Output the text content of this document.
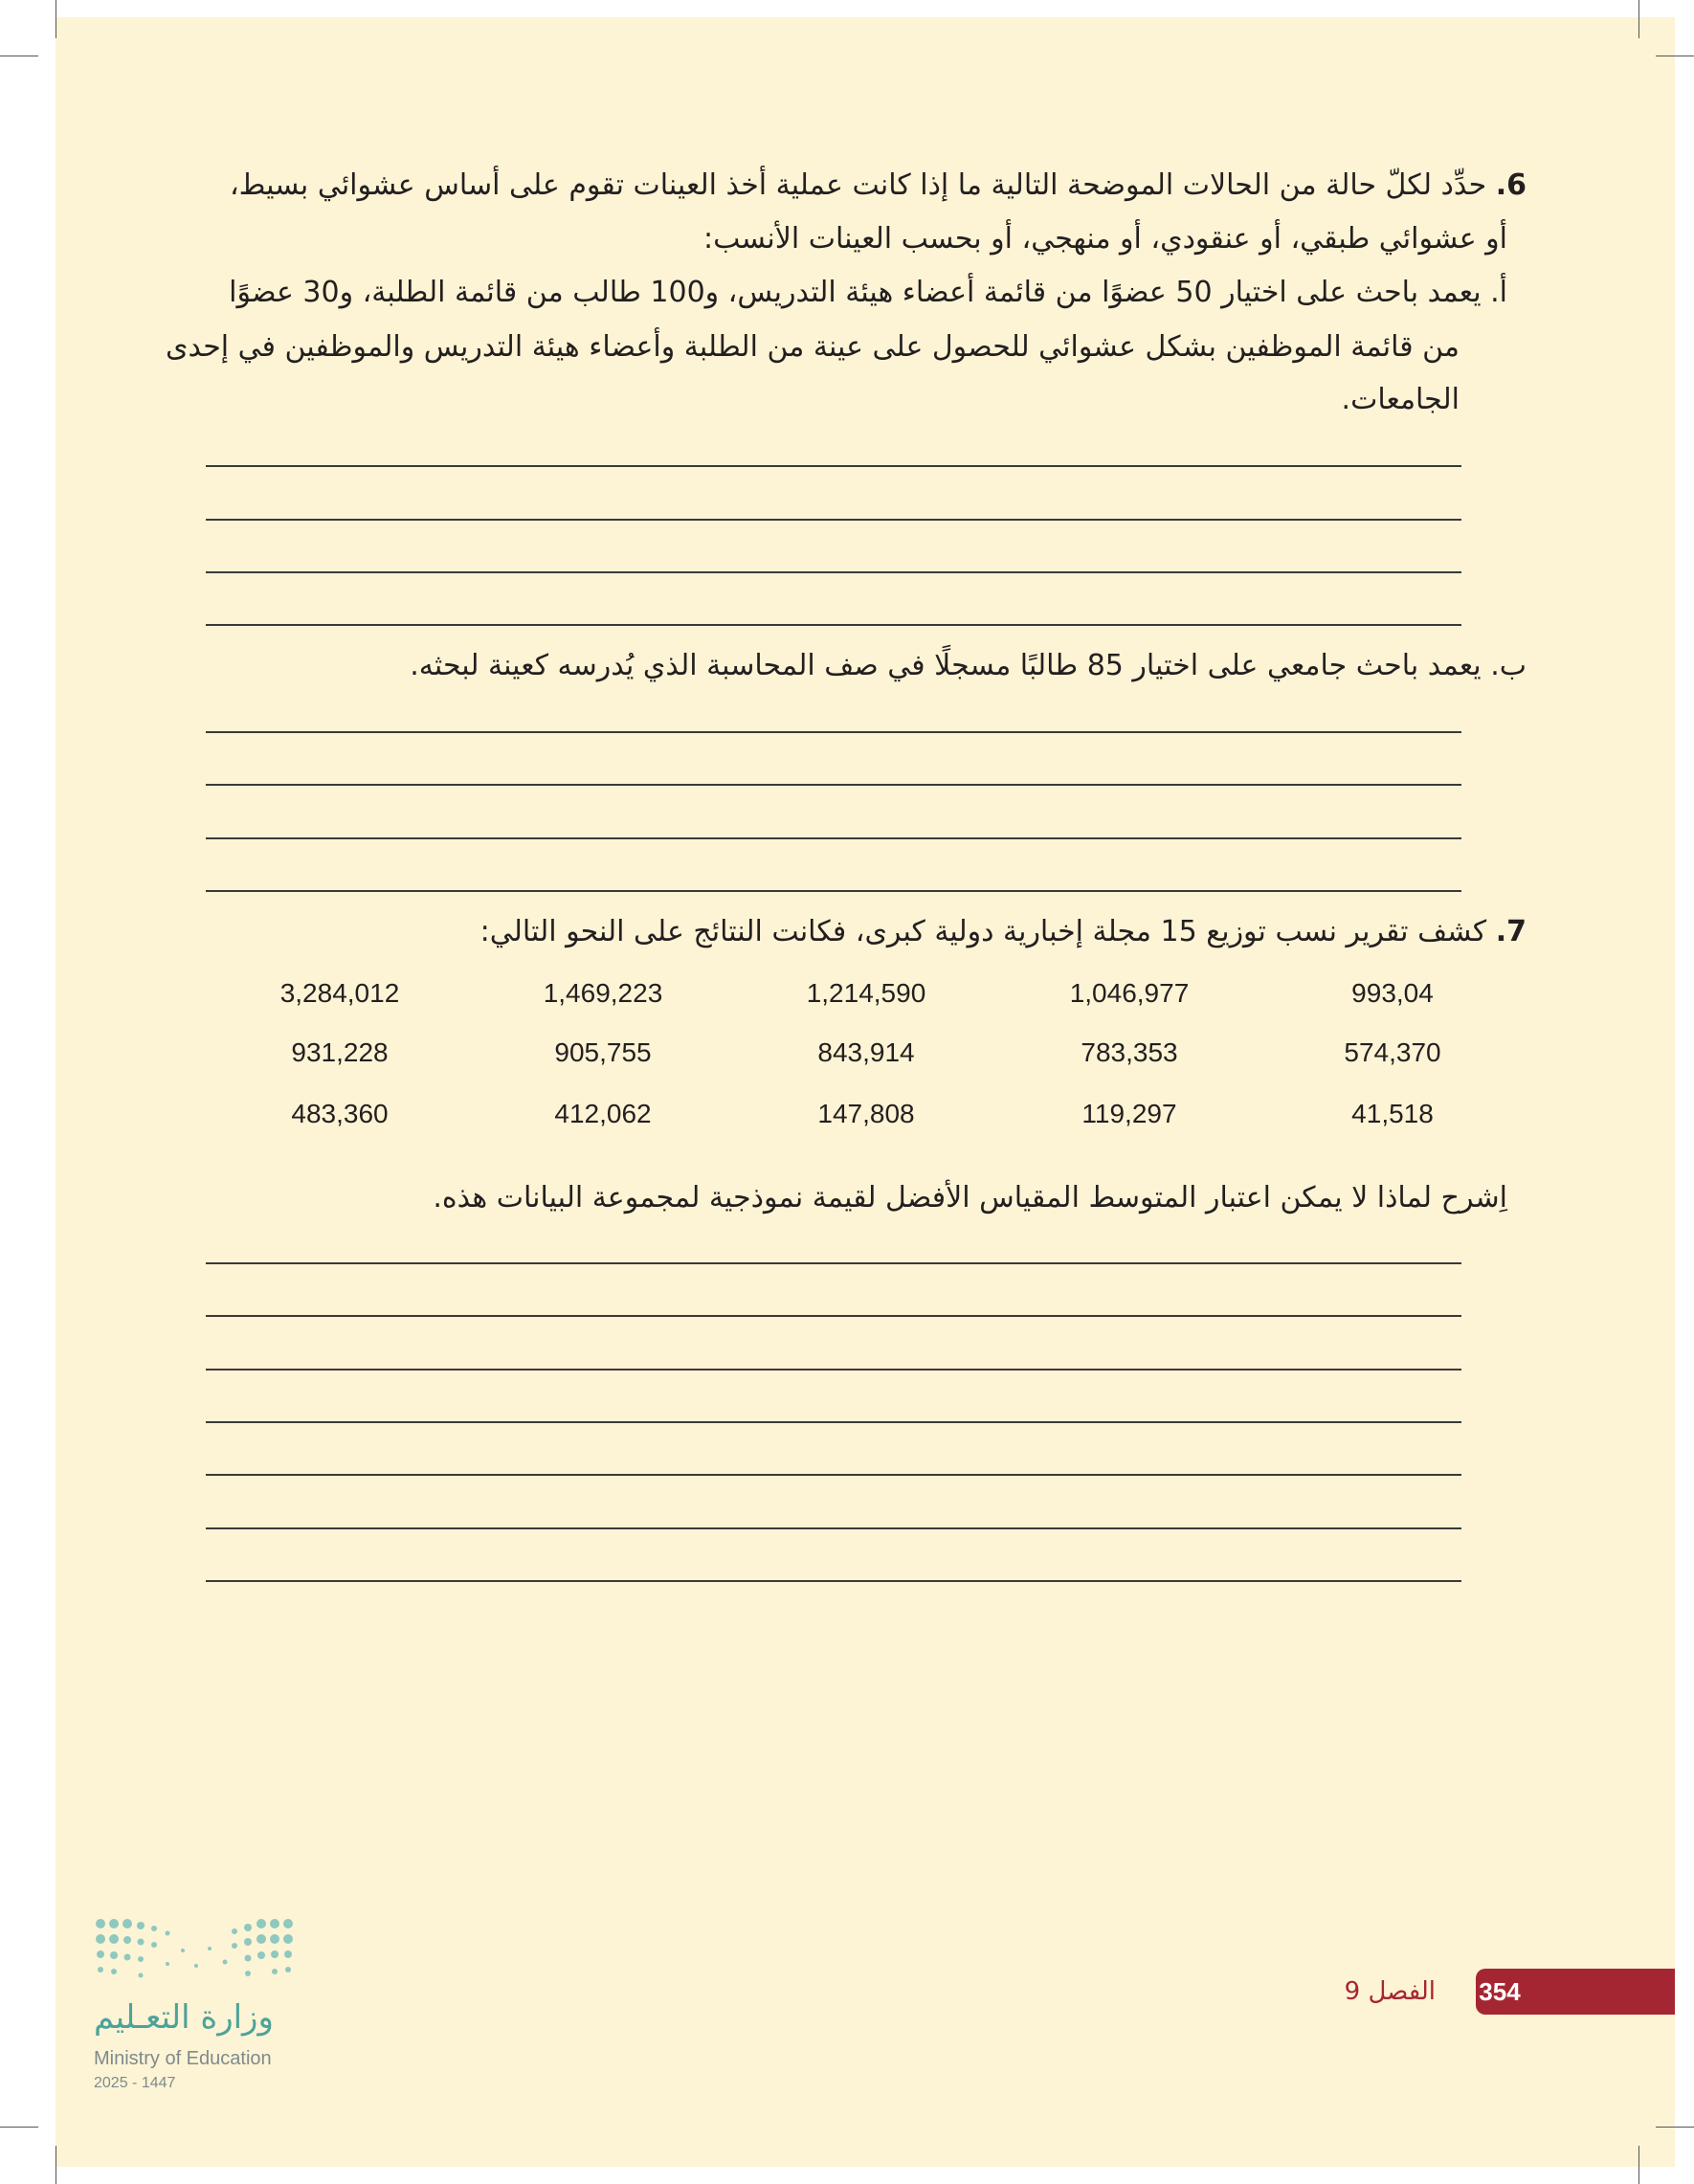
6. حدِّد لكلّ حالة من الحالات الموضحة التالية ما إذا كانت عملية أخذ العينات تقوم على أساس عشوائي بسيط،
أو عشوائي طبقي، أو عنقودي، أو منهجي، أو بحسب العينات الأنسب:
أ. يعمد باحث على اختيار 50 عضوًا من قائمة أعضاء هيئة التدريس، و100 طالب من قائمة الطلبة، و30 عضوًا
من قائمة الموظفين بشكل عشوائي للحصول على عينة من الطلبة وأعضاء هيئة التدريس والموظفين في إحدى
الجامعات.
ب. يعمد باحث جامعي على اختيار 85 طالبًا مسجلًا في صف المحاسبة الذي يُدرسه كعينة لبحثه.
7. كشف تقرير نسب توزيع 15 مجلة إخبارية دولية كبرى، فكانت النتائج على النحو التالي:
993,04
1,046,977
1,214,590
1,469,223
3,284,012
574,370
783,353
843,914
905,755
931,228
41,518
119,297
147,808
412,062
483,360
اِشرح لماذا لا يمكن اعتبار المتوسط المقياس الأفضل لقيمة نموذجية لمجموعة البيانات هذه.
354
الفصل 9
وزارة التعـليم
Ministry of Education
2025 - 1447
